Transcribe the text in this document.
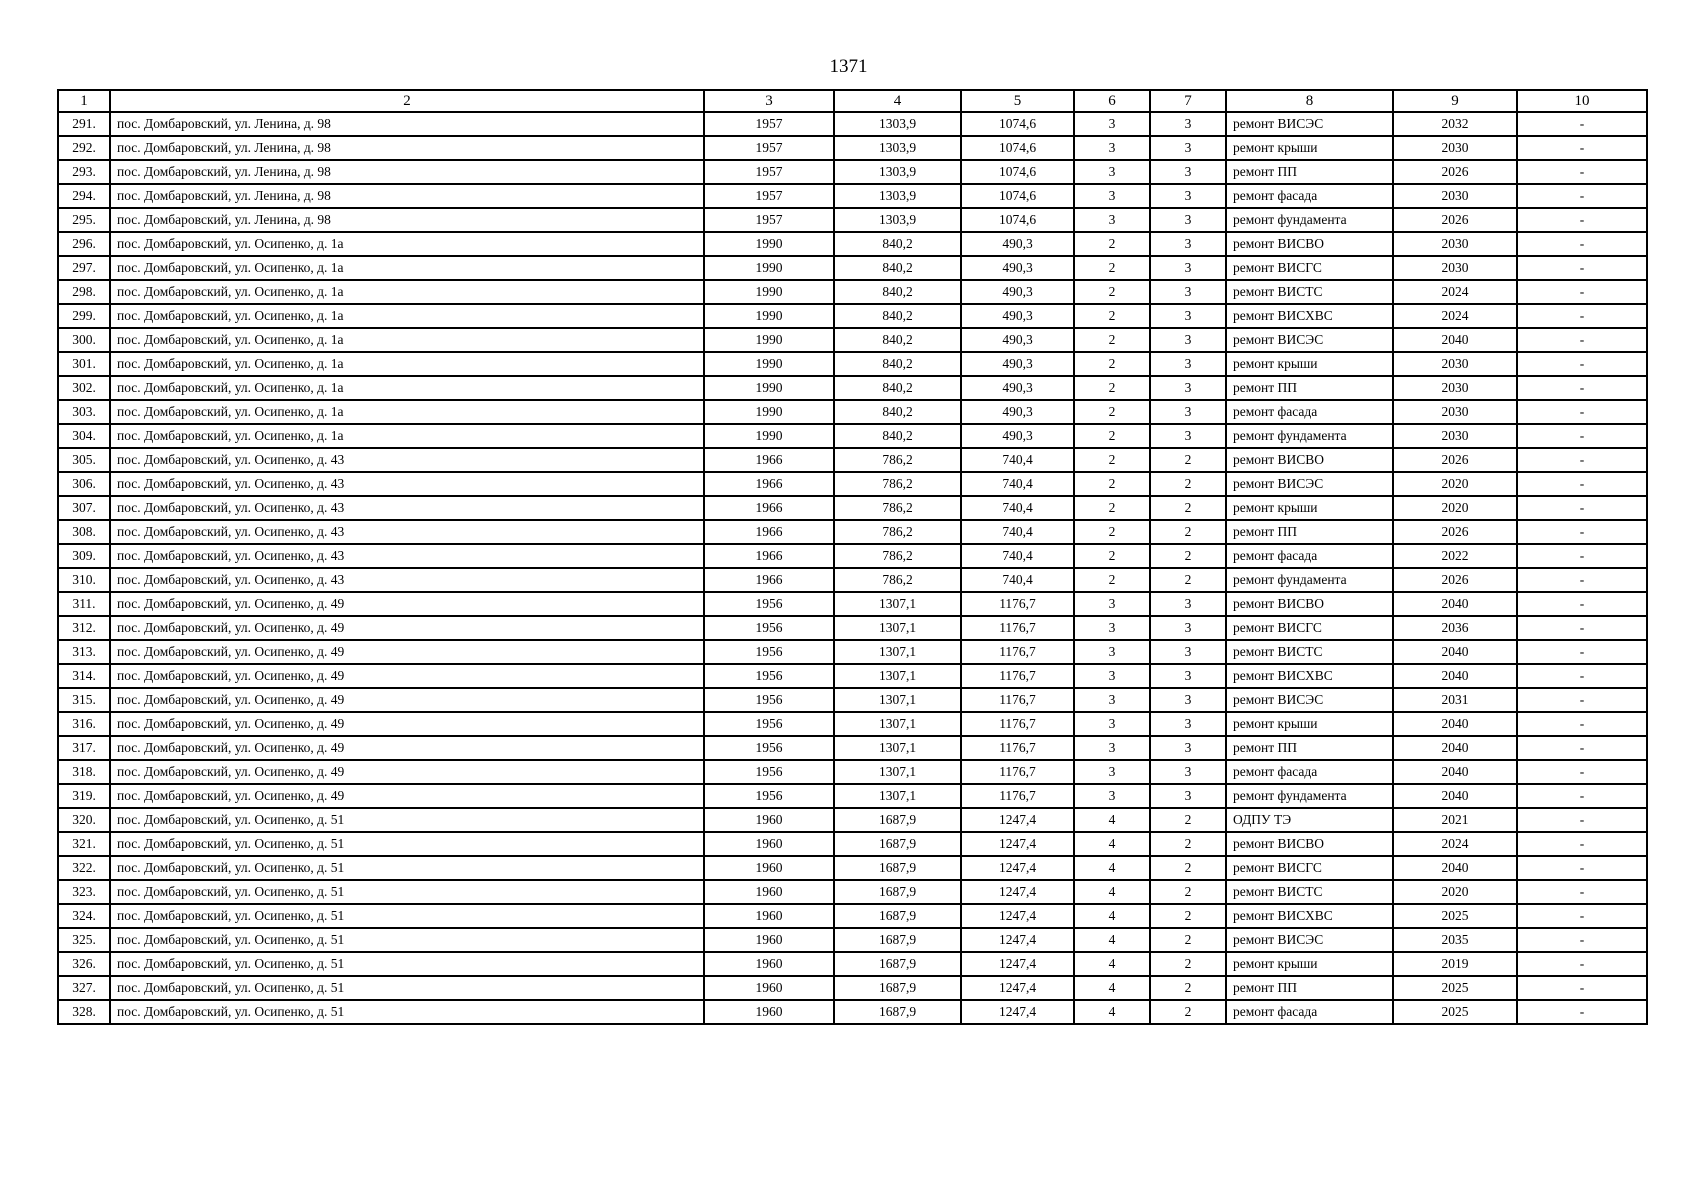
1371
1	2	3	4	5	6	7	8	9	10
291.	пос. Домбаровский, ул. Ленина, д. 98	1957	1303,9	1074,6	3	3	ремонт ВИСЭС	2032	-
292.	пос. Домбаровский, ул. Ленина, д. 98	1957	1303,9	1074,6	3	3	ремонт крыши	2030	-
293.	пос. Домбаровский, ул. Ленина, д. 98	1957	1303,9	1074,6	3	3	ремонт ПП	2026	-
294.	пос. Домбаровский, ул. Ленина, д. 98	1957	1303,9	1074,6	3	3	ремонт фасада	2030	-
295.	пос. Домбаровский, ул. Ленина, д. 98	1957	1303,9	1074,6	3	3	ремонт фундамента	2026	-
296.	пос. Домбаровский, ул. Осипенко, д. 1а	1990	840,2	490,3	2	3	ремонт ВИСВО	2030	-
297.	пос. Домбаровский, ул. Осипенко, д. 1а	1990	840,2	490,3	2	3	ремонт ВИСГС	2030	-
298.	пос. Домбаровский, ул. Осипенко, д. 1а	1990	840,2	490,3	2	3	ремонт ВИСТС	2024	-
299.	пос. Домбаровский, ул. Осипенко, д. 1а	1990	840,2	490,3	2	3	ремонт ВИСХВС	2024	-
300.	пос. Домбаровский, ул. Осипенко, д. 1а	1990	840,2	490,3	2	3	ремонт ВИСЭС	2040	-
301.	пос. Домбаровский, ул. Осипенко, д. 1а	1990	840,2	490,3	2	3	ремонт крыши	2030	-
302.	пос. Домбаровский, ул. Осипенко, д. 1а	1990	840,2	490,3	2	3	ремонт ПП	2030	-
303.	пос. Домбаровский, ул. Осипенко, д. 1а	1990	840,2	490,3	2	3	ремонт фасада	2030	-
304.	пос. Домбаровский, ул. Осипенко, д. 1а	1990	840,2	490,3	2	3	ремонт фундамента	2030	-
305.	пос. Домбаровский, ул. Осипенко, д. 43	1966	786,2	740,4	2	2	ремонт ВИСВО	2026	-
306.	пос. Домбаровский, ул. Осипенко, д. 43	1966	786,2	740,4	2	2	ремонт ВИСЭС	2020	-
307.	пос. Домбаровский, ул. Осипенко, д. 43	1966	786,2	740,4	2	2	ремонт крыши	2020	-
308.	пос. Домбаровский, ул. Осипенко, д. 43	1966	786,2	740,4	2	2	ремонт ПП	2026	-
309.	пос. Домбаровский, ул. Осипенко, д. 43	1966	786,2	740,4	2	2	ремонт фасада	2022	-
310.	пос. Домбаровский, ул. Осипенко, д. 43	1966	786,2	740,4	2	2	ремонт фундамента	2026	-
311.	пос. Домбаровский, ул. Осипенко, д. 49	1956	1307,1	1176,7	3	3	ремонт ВИСВО	2040	-
312.	пос. Домбаровский, ул. Осипенко, д. 49	1956	1307,1	1176,7	3	3	ремонт ВИСГС	2036	-
313.	пос. Домбаровский, ул. Осипенко, д. 49	1956	1307,1	1176,7	3	3	ремонт ВИСТС	2040	-
314.	пос. Домбаровский, ул. Осипенко, д. 49	1956	1307,1	1176,7	3	3	ремонт ВИСХВС	2040	-
315.	пос. Домбаровский, ул. Осипенко, д. 49	1956	1307,1	1176,7	3	3	ремонт ВИСЭС	2031	-
316.	пос. Домбаровский, ул. Осипенко, д. 49	1956	1307,1	1176,7	3	3	ремонт крыши	2040	-
317.	пос. Домбаровский, ул. Осипенко, д. 49	1956	1307,1	1176,7	3	3	ремонт ПП	2040	-
318.	пос. Домбаровский, ул. Осипенко, д. 49	1956	1307,1	1176,7	3	3	ремонт фасада	2040	-
319.	пос. Домбаровский, ул. Осипенко, д. 49	1956	1307,1	1176,7	3	3	ремонт фундамента	2040	-
320.	пос. Домбаровский, ул. Осипенко, д. 51	1960	1687,9	1247,4	4	2	ОДПУ ТЭ	2021	-
321.	пос. Домбаровский, ул. Осипенко, д. 51	1960	1687,9	1247,4	4	2	ремонт ВИСВО	2024	-
322.	пос. Домбаровский, ул. Осипенко, д. 51	1960	1687,9	1247,4	4	2	ремонт ВИСГС	2040	-
323.	пос. Домбаровский, ул. Осипенко, д. 51	1960	1687,9	1247,4	4	2	ремонт ВИСТС	2020	-
324.	пос. Домбаровский, ул. Осипенко, д. 51	1960	1687,9	1247,4	4	2	ремонт ВИСХВС	2025	-
325.	пос. Домбаровский, ул. Осипенко, д. 51	1960	1687,9	1247,4	4	2	ремонт ВИСЭС	2035	-
326.	пос. Домбаровский, ул. Осипенко, д. 51	1960	1687,9	1247,4	4	2	ремонт крыши	2019	-
327.	пос. Домбаровский, ул. Осипенко, д. 51	1960	1687,9	1247,4	4	2	ремонт ПП	2025	-
328.	пос. Домбаровский, ул. Осипенко, д. 51	1960	1687,9	1247,4	4	2	ремонт фасада	2025	-
